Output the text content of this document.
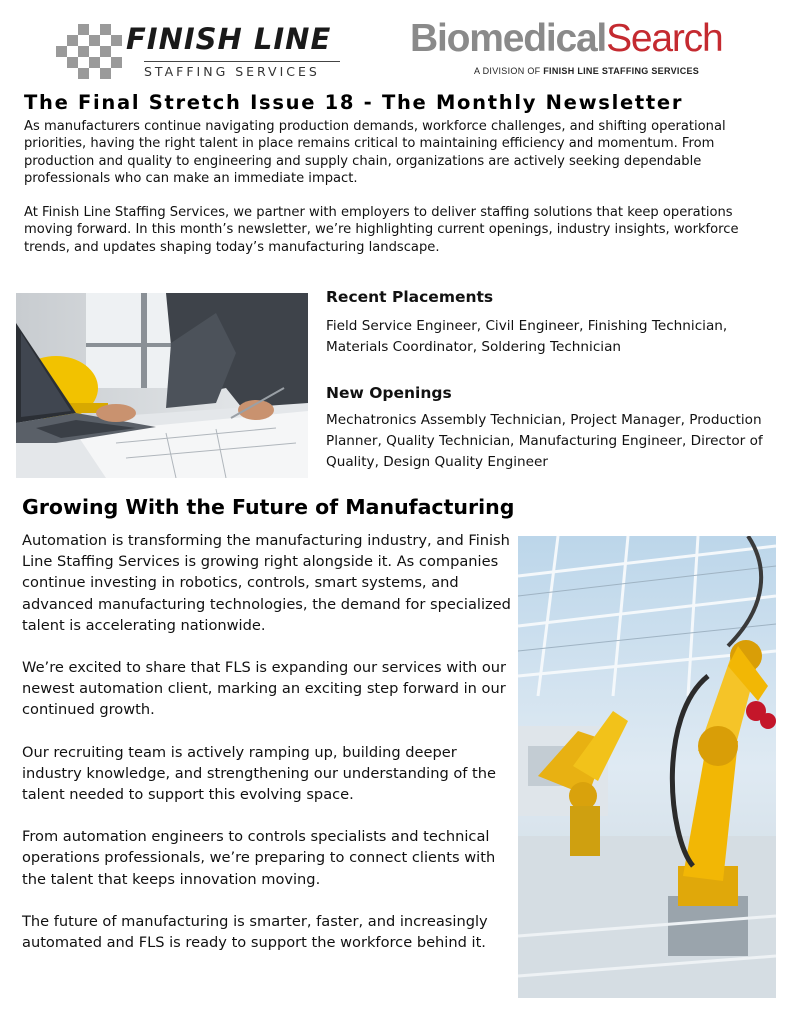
FINISH LINE
STAFFING SERVICES
BiomedicalSearch
A DIVISION OF FINISH LINE STAFFING SERVICES
The Final Stretch Issue 18 - The Monthly Newsletter

As manufacturers continue navigating production demands, workforce challenges, and shifting operational priorities, having the right talent in place remains critical to maintaining efficiency and momentum. From production and quality to engineering and supply chain, organizations are actively seeking dependable professionals who can make an immediate impact.

At Finish Line Staffing Services, we partner with employers to deliver staffing solutions that keep operations moving forward. In this month’s newsletter, we’re highlighting current openings, industry insights, workforce trends, and updates shaping today’s manufacturing landscape.

Recent Placements

Field Service Engineer, Civil Engineer, Finishing Technician, Materials Coordinator, Soldering Technician

New Openings

Mechatronics Assembly Technician, Project Manager, Production Planner, Quality Technician, Manufacturing Engineer, Director of Quality, Design Quality Engineer

Growing With the Future of Manufacturing

Automation is transforming the manufacturing industry, and Finish Line Staffing Services is growing right alongside it. As companies continue investing in robotics, controls, smart systems, and advanced manufacturing technologies, the demand for specialized talent is accelerating nationwide.

We’re excited to share that FLS is expanding our services with our newest automation client, marking an exciting step forward in our continued growth.

Our recruiting team is actively ramping up, building deeper industry knowledge, and strengthening our understanding of the talent needed to support this evolving space.

From automation engineers to controls specialists and technical operations professionals, we’re preparing to connect clients with the talent that keeps innovation moving.

The future of manufacturing is smarter, faster, and increasingly automated and FLS is ready to support the workforce behind it.
